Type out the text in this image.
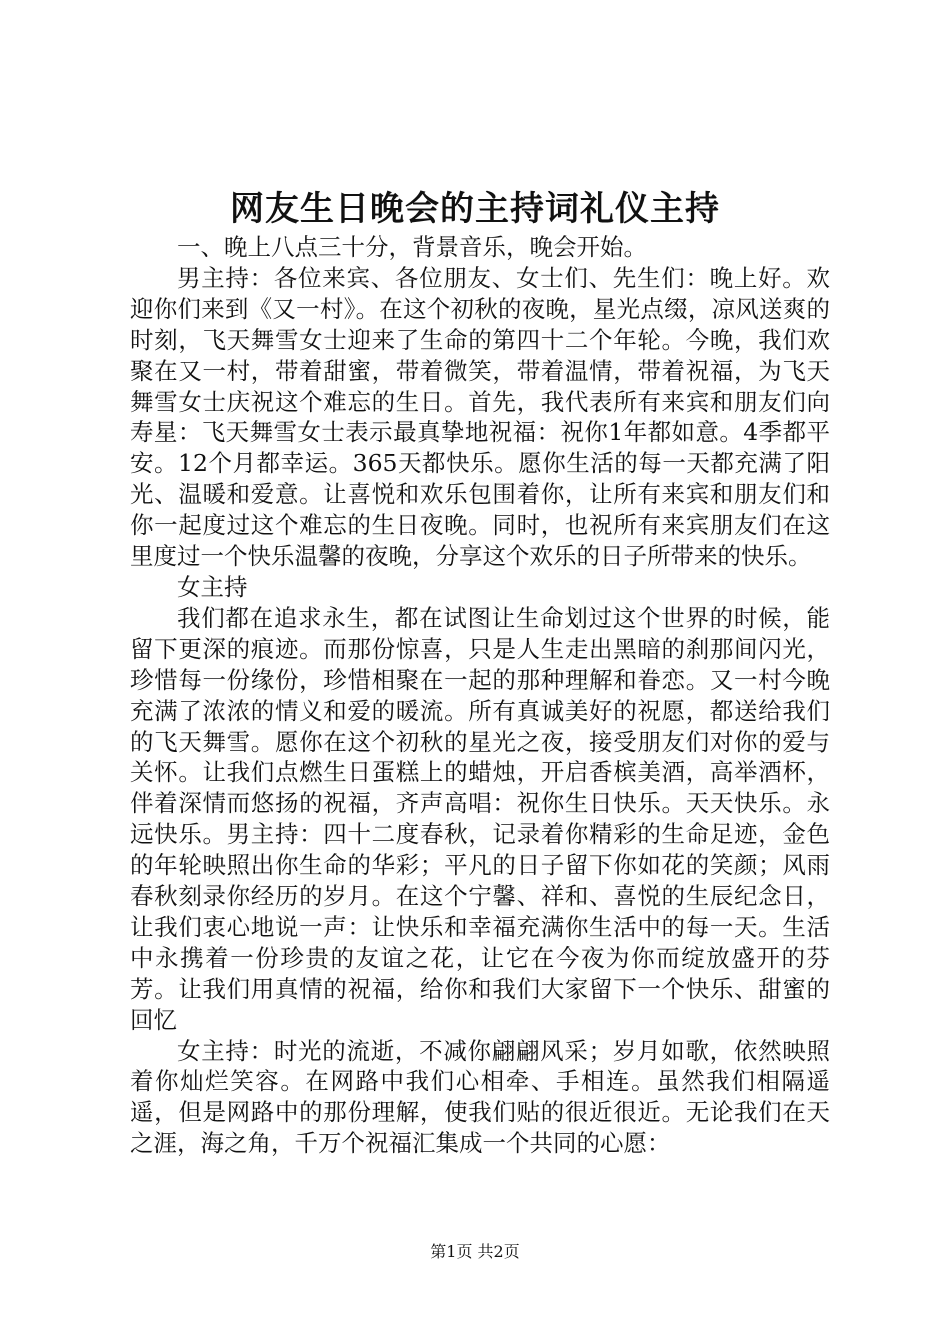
网友生日晚会的主持词礼仪主持

一、晚上八点三十分，背景音乐，晚会开始。

男主持：各位来宾、各位朋友、女士们、先生们：晚上好。欢迎你们来到《又一村》。在这个初秋的夜晚，星光点缀，凉风送爽的时刻，飞天舞雪女士迎来了生命的第四十二个年轮。今晚，我们欢聚在又一村，带着甜蜜，带着微笑，带着温情，带着祝福，为飞天舞雪女士庆祝这个难忘的生日。首先，我代表所有来宾和朋友们向寿星：飞天舞雪女士表示最真挚地祝福：祝你1年都如意。4季都平安。12个月都幸运。365天都快乐。愿你生活的每一天都充满了阳光、温暖和爱意。让喜悦和欢乐包围着你，让所有来宾和朋友们和你一起度过这个难忘的生日夜晚。同时，也祝所有来宾朋友们在这里度过一个快乐温馨的夜晚，分享这个欢乐的日子所带来的快乐。

女主持

我们都在追求永生，都在试图让生命划过这个世界的时候，能留下更深的痕迹。而那份惊喜，只是人生走出黑暗的刹那间闪光，珍惜每一份缘份，珍惜相聚在一起的那种理解和眷恋。又一村今晚充满了浓浓的情义和爱的暖流。所有真诚美好的祝愿，都送给我们的飞天舞雪。愿你在这个初秋的星光之夜，接受朋友们对你的爱与关怀。让我们点燃生日蛋糕上的蜡烛，开启香槟美酒，高举酒杯，伴着深情而悠扬的祝福，齐声高唱：祝你生日快乐。天天快乐。永远快乐。男主持：四十二度春秋，记录着你精彩的生命足迹，金色的年轮映照出你生命的华彩；平凡的日子留下你如花的笑颜；风雨春秋刻录你经历的岁月。在这个宁馨、祥和、喜悦的生辰纪念日，让我们衷心地说一声：让快乐和幸福充满你生活中的每一天。生活中永携着一份珍贵的友谊之花，让它在今夜为你而绽放盛开的芬芳。让我们用真情的祝福，给你和我们大家留下一个快乐、甜蜜的回忆

女主持：时光的流逝，不减你翩翩风采；岁月如歌，依然映照着你灿烂笑容。在网路中我们心相牵、手相连。虽然我们相隔遥遥，但是网路中的那份理解，使我们贴的很近很近。无论我们在天之涯，海之角，千万个祝福汇集成一个共同的心愿：

第1页 共2页
